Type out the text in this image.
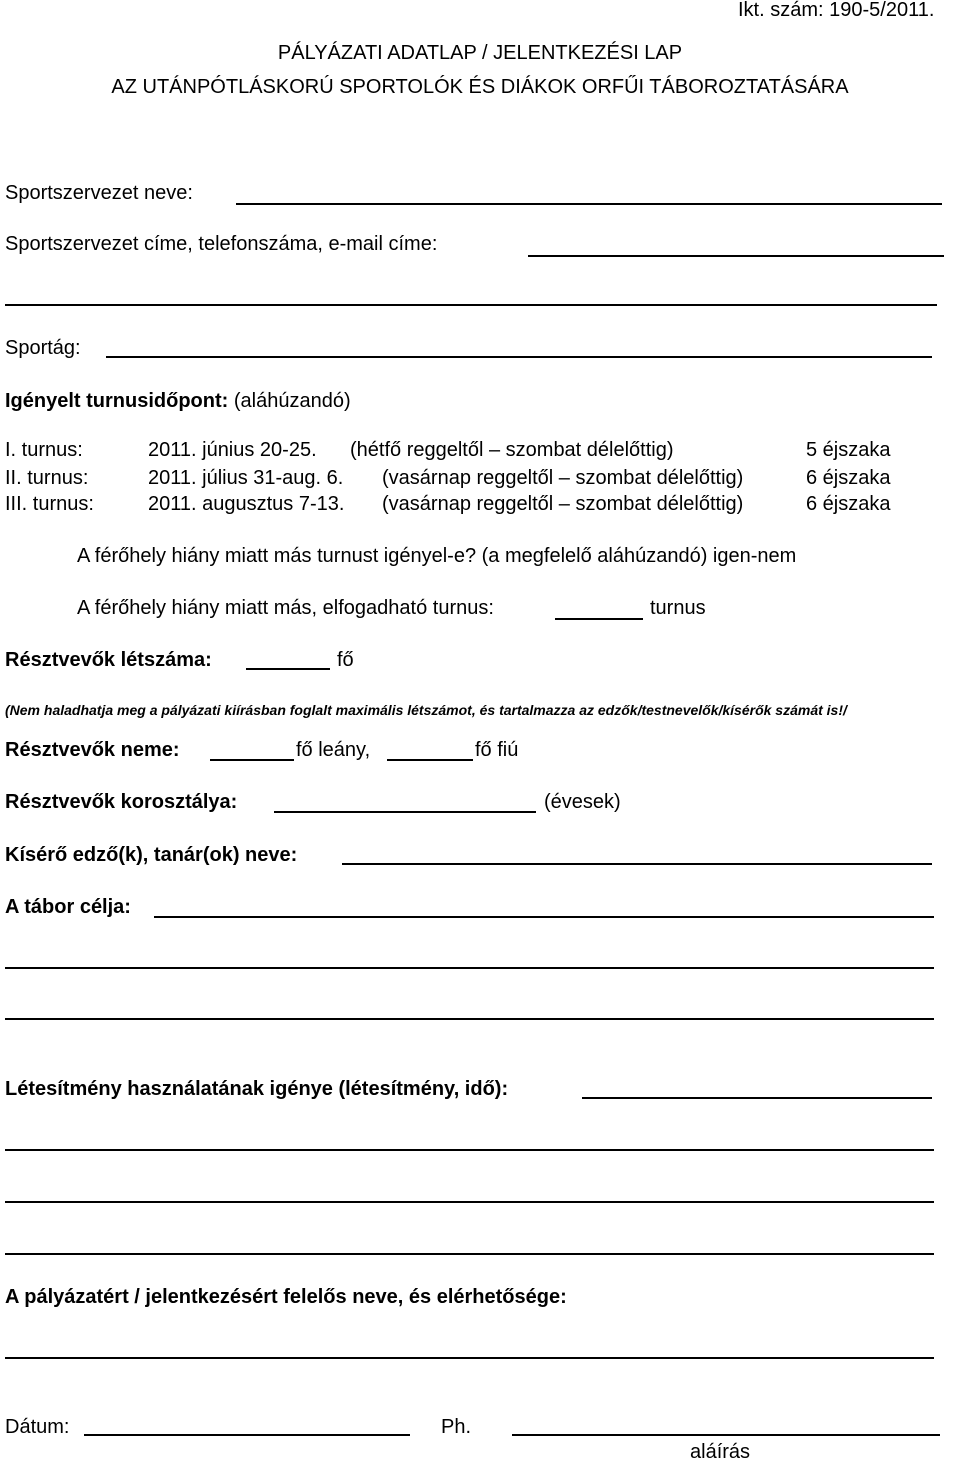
Ikt. szám: 190-5/2011.
PÁLYÁZATI ADATLAP / JELENTKEZÉSI LAP
AZ UTÁNPÓTLÁSKORÚ SPORTOLÓK ÉS DIÁKOK ORFŰI TÁBOROZTATÁSÁRA
Sportszervezet neve:
Sportszervezet címe, telefonszáma, e-mail címe:
Sportág:
Igényelt turnusidőpont: (aláhúzandó)
I. turnus:	2011. június 20-25. (hétfő reggeltől – szombat délelőttig)	5 éjszaka
II. turnus:	2011. július 31-aug. 6. (vasárnap reggeltől – szombat délelőttig)	6 éjszaka
III. turnus:	2011. augusztus 7-13. (vasárnap reggeltől – szombat délelőttig)	6 éjszaka
A férőhely hiány miatt más turnust igényel-e? (a megfelelő aláhúzandó) igen-nem
A férőhely hiány miatt más, elfogadható turnus:	turnus
Résztvevők létszáma:	fő
(Nem haladhatja meg a pályázati kiírásban foglalt maximális létszámot, és tartalmazza az edzők/testnevelők/kísérők számát is!/
Résztvevők neme:	fő leány,	fő fiú
Résztvevők korosztálya:	(évesek)
Kísérő edző(k), tanár(ok) neve:
A tábor célja:
Létesítmény használatának igénye (létesítmény, idő):
A pályázatért / jelentkezésért felelős neve, és elérhetősége:
Dátum:	Ph.
aláírás
